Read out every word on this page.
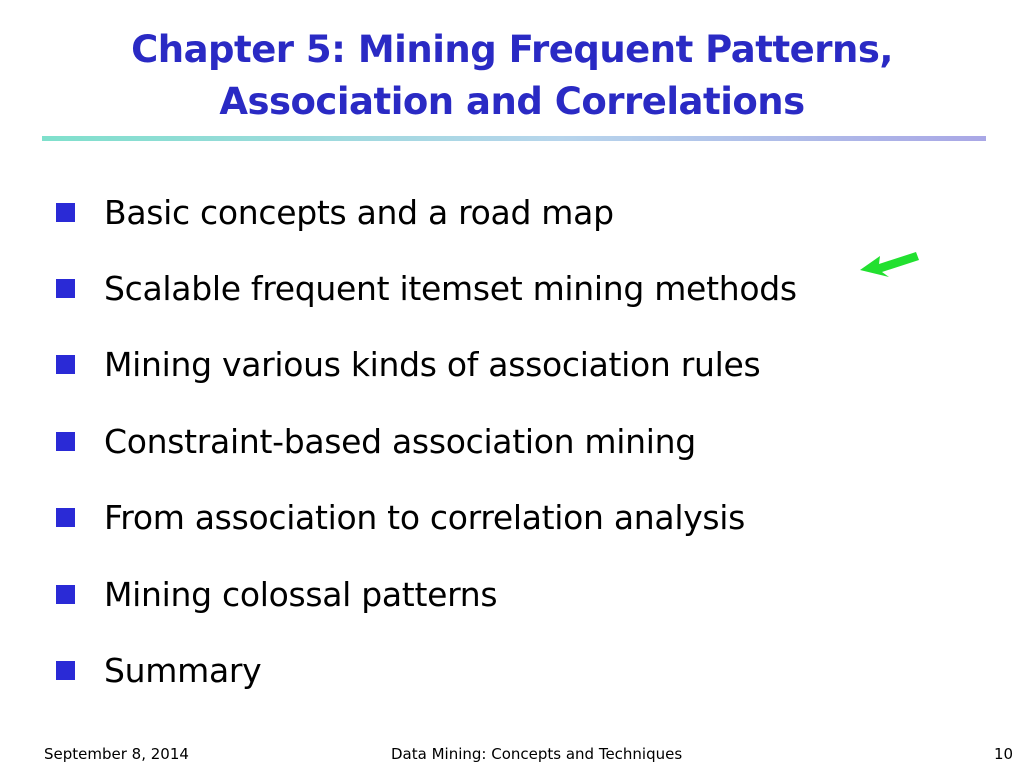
Chapter 5: Mining Frequent Patterns,
Association and Correlations
Basic concepts and a road map
Scalable frequent itemset mining methods
Mining various kinds of association rules
Constraint-based association mining
From association to correlation analysis
Mining colossal patterns
Summary
September 8, 2014	Data Mining: Concepts and Techniques	10
